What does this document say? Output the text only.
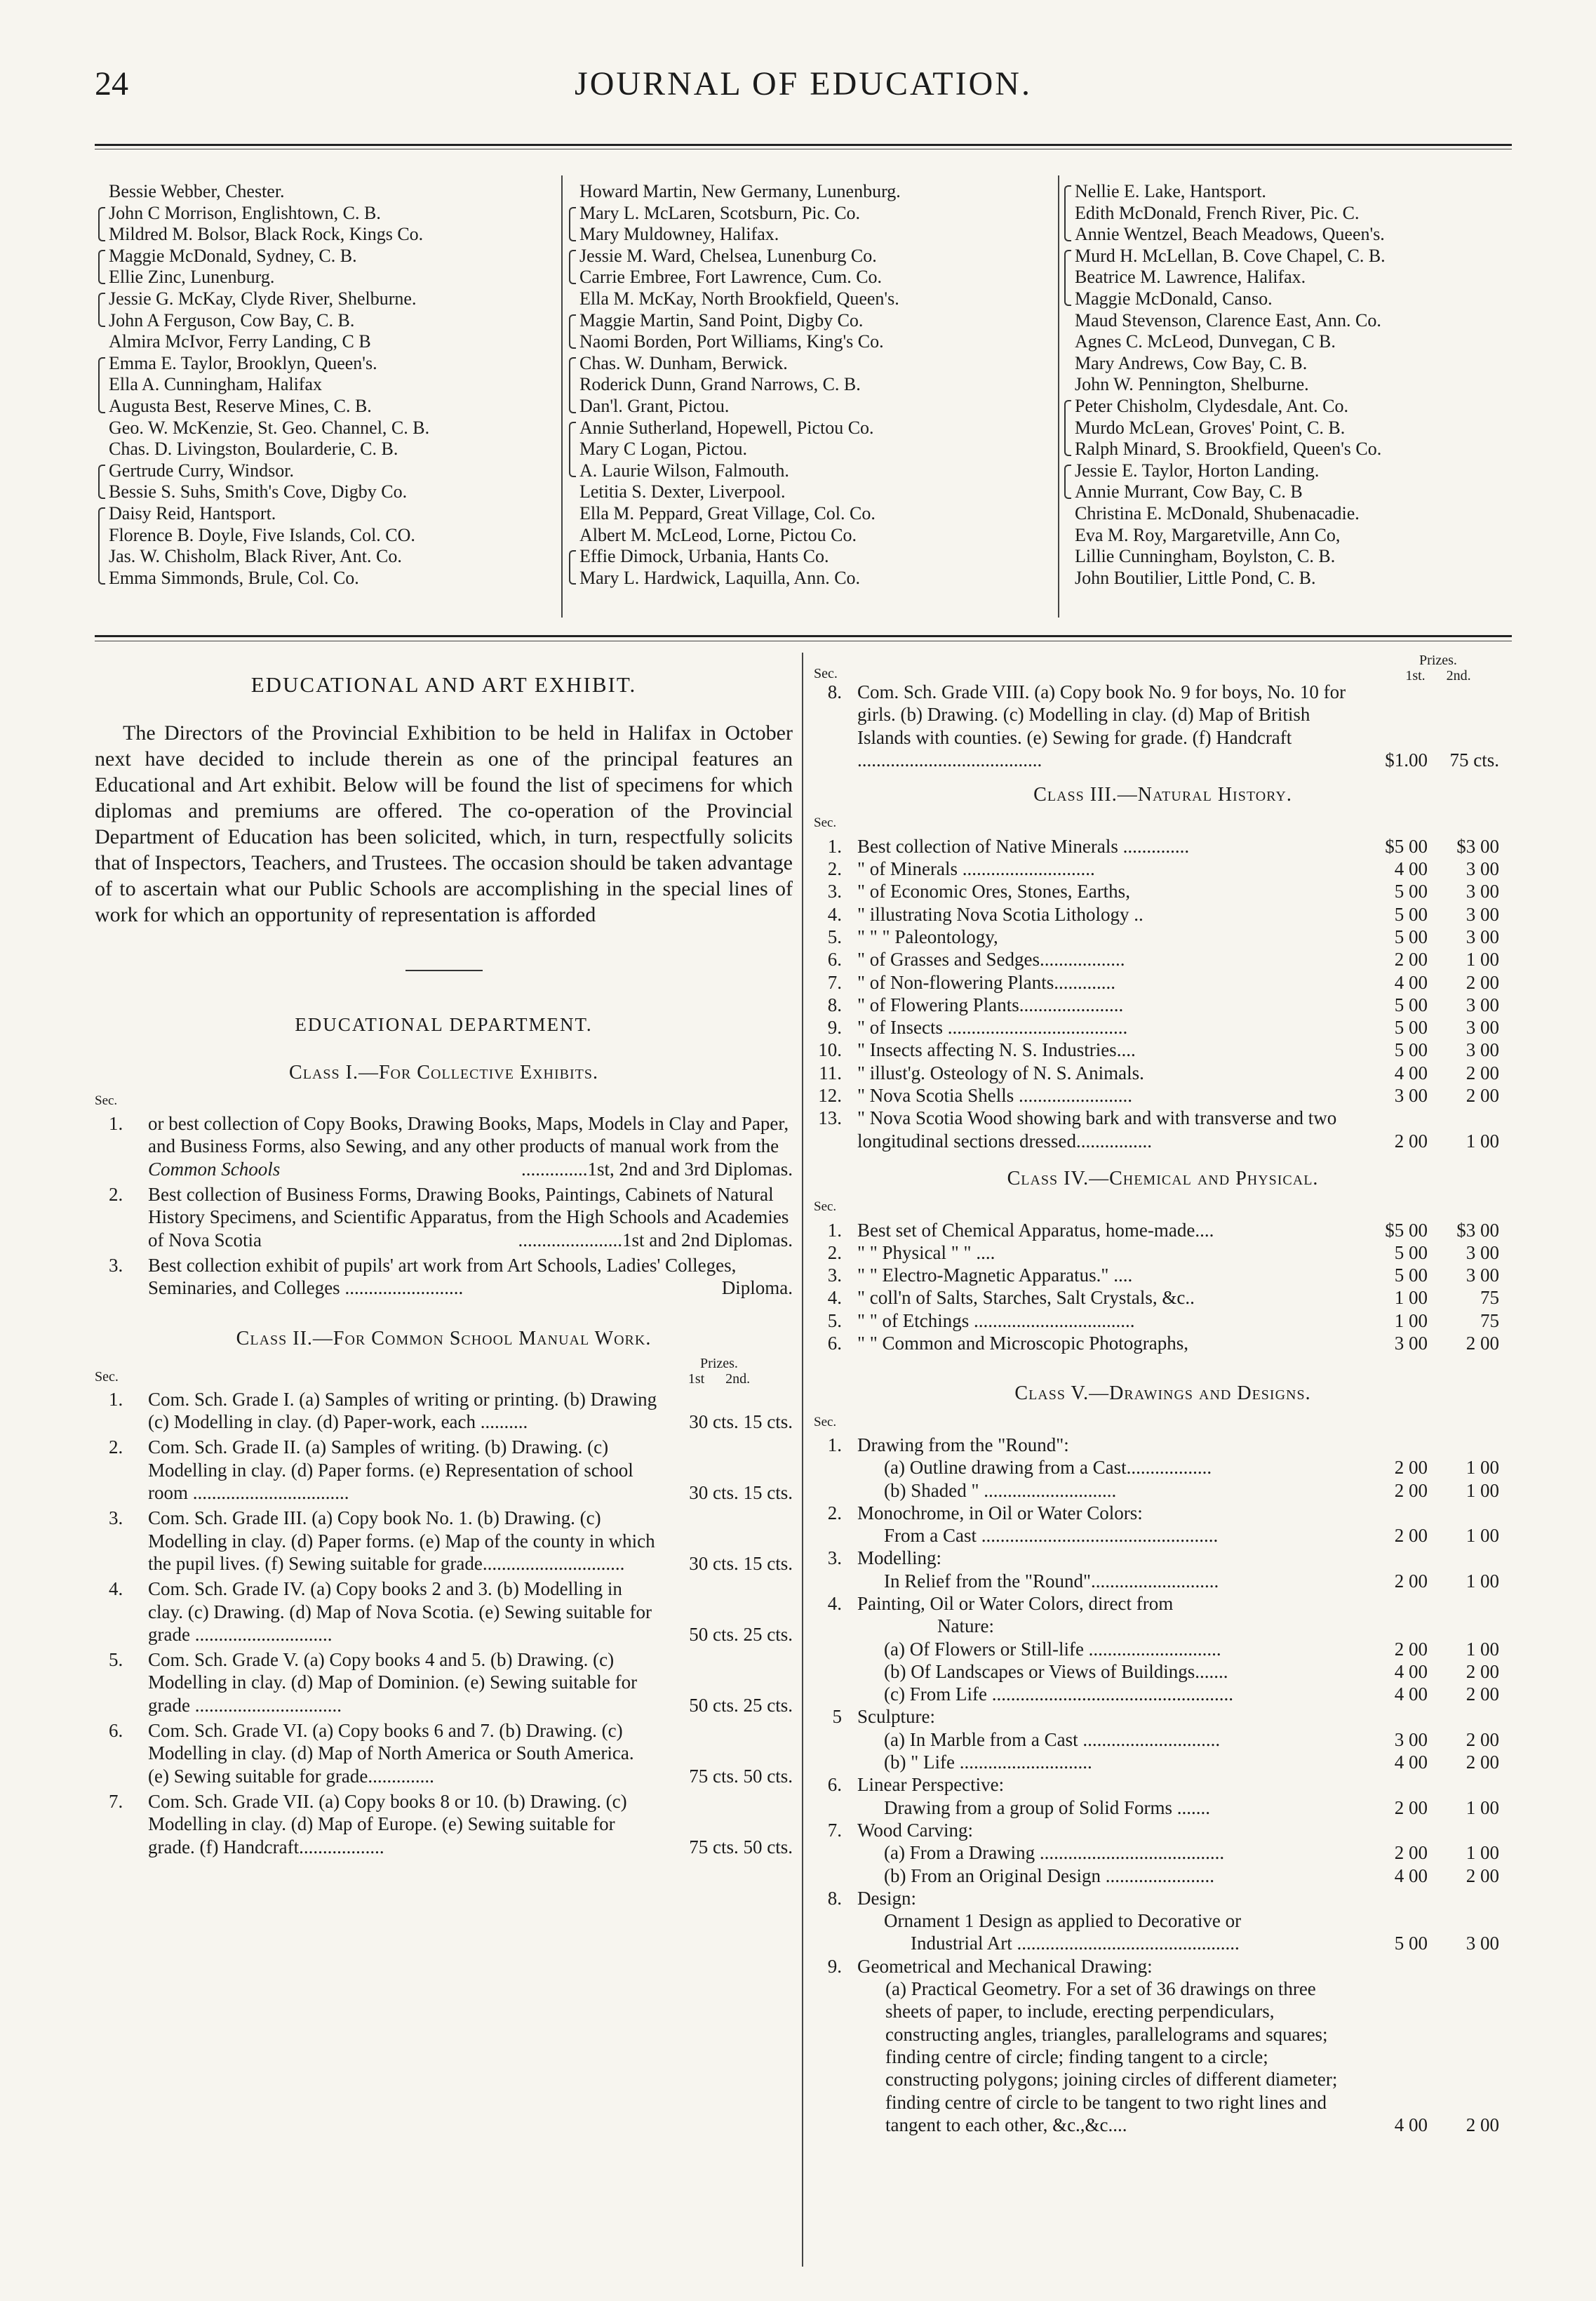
24	JOURNAL OF EDUCATION.
Bessie Webber, Chester.
John C Morrison, Englishtown, C. B.
Mildred M. Bolsor, Black Rock, Kings Co.
Maggie McDonald, Sydney, C. B.
Ellie Zinc, Lunenburg.
Jessie G. McKay, Clyde River, Shelburne.
John A Ferguson, Cow Bay, C. B.
Almira McIvor, Ferry Landing, C B
Emma E. Taylor, Brooklyn, Queen's.
Ella A. Cunningham, Halifax
Augusta Best, Reserve Mines, C. B.
Geo. W. McKenzie, St. Geo. Channel, C. B.
Chas. D. Livingston, Boularderie, C. B.
Gertrude Curry, Windsor.
Bessie S. Suhs, Smith's Cove, Digby Co.
Daisy Reid, Hantsport.
Florence B. Doyle, Five Islands, Col. CO.
Jas. W. Chisholm, Black River, Ant. Co.
Emma Simmonds, Brule, Col. Co.
Howard Martin, New Germany, Lunenburg.
Mary L. McLaren, Scotsburn, Pic. Co.
Mary Muldowney, Halifax.
Jessie M. Ward, Chelsea, Lunenburg Co.
Carrie Embree, Fort Lawrence, Cum. Co.
Ella M. McKay, North Brookfield, Queen's.
Maggie Martin, Sand Point, Digby Co.
Naomi Borden, Port Williams, King's Co.
Chas. W. Dunham, Berwick.
Roderick Dunn, Grand Narrows, C. B.
Dan'l. Grant, Pictou.
Annie Sutherland, Hopewell, Pictou Co.
Mary C Logan, Pictou.
A. Laurie Wilson, Falmouth.
Letitia S. Dexter, Liverpool.
Ella M. Peppard, Great Village, Col. Co.
Albert M. McLeod, Lorne, Pictou Co.
Effie Dimock, Urbania, Hants Co.
Mary L. Hardwick, Laquilla, Ann. Co.
Nellie E. Lake, Hantsport.
Edith McDonald, French River, Pic. C.
Annie Wentzel, Beach Meadows, Queen's.
Murd H. McLellan, B. Cove Chapel, C. B.
Beatrice M. Lawrence, Halifax.
Maggie McDonald, Canso.
Maud Stevenson, Clarence East, Ann. Co.
Agnes C. McLeod, Dunvegan, C B.
Mary Andrews, Cow Bay, C. B.
John W. Pennington, Shelburne.
Peter Chisholm, Clydesdale, Ant. Co.
Murdo McLean, Groves' Point, C. B.
Ralph Minard, S. Brookfield, Queen's Co.
Jessie E. Taylor, Horton Landing.
Annie Murrant, Cow Bay, C. B
Christina E. McDonald, Shubenacadie.
Eva M. Roy, Margaretville, Ann Co,
Lillie Cunningham, Boylston, C. B.
John Boutilier, Little Pond, C. B.
EDUCATIONAL AND ART EXHIBIT.

The Directors of the Provincial Exhibition to be held in Halifax in October next have decided to include therein as one of the principal features an Educational and Art exhibit. Below will be found the list of specimens for which diplomas and premiums are offered. The co-operation of the Provincial Department of Education has been solicited, which, in turn, respectfully solicits that of Inspectors, Teachers, and Trustees. The occasion should be taken advantage of to ascertain what our Public Schools are accomplishing in the special lines of work for which an opportunity of representation is afforded

EDUCATIONAL DEPARTMENT.
Class I.—For Collective Exhibits.
Sec.
1. or best collection of Copy Books, Drawing Books, Maps, Models in Clay and Paper, and Business Forms, also Sewing, and any other products of manual work from the Common Schools	..............1st, 2nd and 3rd Diplomas.
2. Best collection of Business Forms, Drawing Books, Paintings, Cabinets of Natural History Specimens, and Scientific Apparatus, from the High Schools and Academies of Nova Scotia	......................1st and 2nd Diplomas.
3. Best collection exhibit of pupils' art work from Art Schools, Ladies' Colleges, Seminaries, and Colleges .........................	Diploma.
Class II.—For Common School Manual Work.
Sec.
Prizes.
1st      2nd.
1. Com. Sch. Grade I. (a) Samples of writing or printing. (b) Drawing (c) Modelling in clay. (d) Paper-work, each ..........	30 cts. 15 cts.
2. Com. Sch. Grade II. (a) Samples of writing. (b) Drawing. (c) Modelling in clay. (d) Paper forms. (e) Representation of school room .................................	30 cts. 15 cts.
3. Com. Sch. Grade III. (a) Copy book No. 1. (b) Drawing. (c) Modelling in clay. (d) Paper forms. (e) Map of the county in which the pupil lives. (f) Sewing suitable for grade..............................	30 cts. 15 cts.
4. Com. Sch. Grade IV. (a) Copy books 2 and 3. (b) Modelling in clay. (c) Drawing. (d) Map of Nova Scotia. (e) Sewing suitable for grade .............................	50 cts. 25 cts.
5. Com. Sch. Grade V. (a) Copy books 4 and 5. (b) Drawing. (c) Modelling in clay. (d) Map of Dominion. (e) Sewing suitable for grade ...............................	50 cts. 25 cts.
6. Com. Sch. Grade VI. (a) Copy books 6 and 7. (b) Drawing. (c) Modelling in clay. (d) Map of North America or South America. (e) Sewing suitable for grade..............	75 cts. 50 cts.
7. Com. Sch. Grade VII. (a) Copy books 8 or 10. (b) Drawing. (c) Modelling in clay. (d) Map of Europe. (e) Sewing suitable for grade. (f) Handcraft..................	75 cts. 50 cts.
Sec.
Prizes.
1st.      2nd.
8. Com. Sch. Grade VIII. (a) Copy book No. 9 for boys, No. 10 for girls. (b) Drawing. (c) Modelling in clay. (d) Map of British Islands with counties. (e) Sewing for grade. (f) Handcraft .......................................	$1.00	75 cts.
Class III.—Natural History.
Sec.
1. Best collection of Native Minerals ..............	$5 00	$3 00
2. " of Minerals ............................	4 00	3 00
3. " of Economic Ores, Stones, Earths,	5 00	3 00
4. " illustrating Nova Scotia Lithology ..	5 00	3 00
5. " " " Paleontology,	5 00	3 00
6. " of Grasses and Sedges..................	2 00	1 00
7. " of Non-flowering Plants.............	4 00	2 00
8. " of Flowering Plants......................	5 00	3 00
9. " of Insects ......................................	5 00	3 00
10. " Insects affecting N. S. Industries....	5 00	3 00
11. " illust'g. Osteology of N. S. Animals.	4 00	2 00
12. " Nova Scotia Shells ........................	3 00	2 00
13. " Nova Scotia Wood showing bark and with transverse and two longitudinal sections dressed................	2 00	1 00
Class IV.—Chemical and Physical.
Sec.
1. Best set of Chemical Apparatus, home-made....	$5 00	$3 00
2. " " Physical " " ....	5 00	3 00
3. " " Electro-Magnetic Apparatus." ....	5 00	3 00
4. " coll'n of Salts, Starches, Salt Crystals, &c..	1 00	75
5. " " of Etchings ..................................	1 00	75
6. " " Common and Microscopic Photographs,	3 00	2 00
Class V.—Drawings and Designs.
Sec.
1. Drawing from the "Round":
(a) Outline drawing from a Cast..................	2 00	1 00
(b) Shaded " ............................	2 00	1 00
2. Monochrome, in Oil or Water Colors:
From a Cast ..................................................	2 00	1 00
3. Modelling:
In Relief from the "Round"...........................	2 00	1 00
4. Painting, Oil or Water Colors, direct from
Nature:
(a) Of Flowers or Still-life ............................	2 00	1 00
(b) Of Landscapes or Views of Buildings.......	4 00	2 00
(c) From Life ...................................................	4 00	2 00
5 Sculpture:
(a) In Marble from a Cast .............................	3 00	2 00
(b) " Life ............................	4 00	2 00
6. Linear Perspective:
Drawing from a group of Solid Forms .......	2 00	1 00
7. Wood Carving:
(a) From a Drawing .......................................	2 00	1 00
(b) From an Original Design .......................	4 00	2 00
8. Design:
Ornament 1 Design as applied to Decorative or
Industrial Art ...............................................	5 00	3 00
9. Geometrical and Mechanical Drawing:
(a) Practical Geometry. For a set of 36 drawings on three sheets of paper, to include, erecting perpendiculars, constructing angles, triangles, parallelograms and squares; finding centre of circle; finding tangent to a circle; constructing polygons; joining circles of different diameter; finding centre of circle to be tangent to two right lines and tangent to each other, &c.,&c....	4 00	2 00
